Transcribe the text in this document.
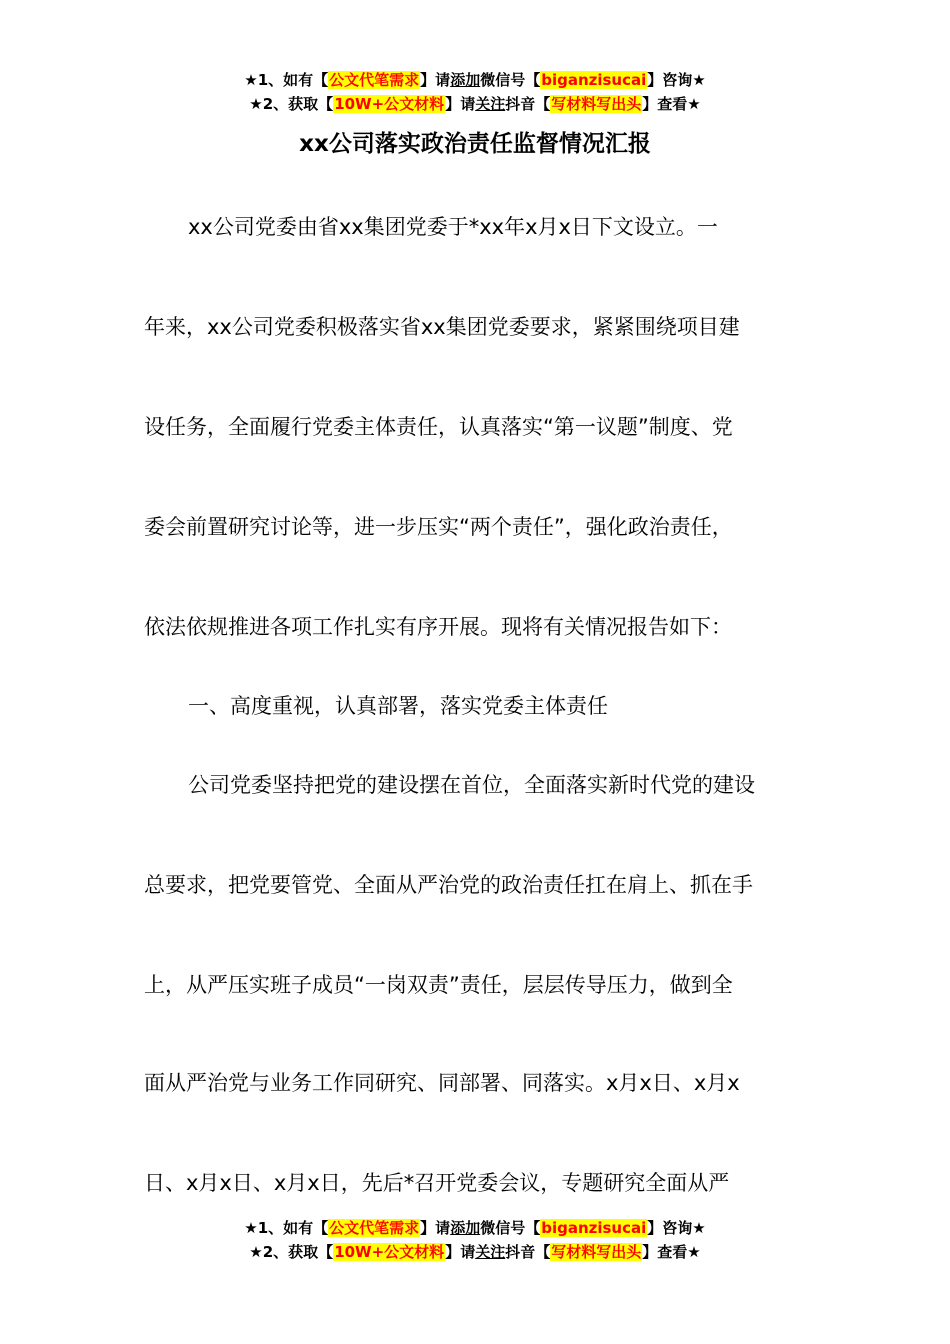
★1、如有【公文代笔需求】请添加微信号【biganzisucai】咨询★
★2、获取【10W+公文材料】请关注抖音【写材料写出头】查看★
xx公司落实政治责任监督情况汇报
xx公司党委由省xx集团党委于*xx年x月x日下文设立。一
年来，xx公司党委积极落实省xx集团党委要求，紧紧围绕项目建
设任务，全面履行党委主体责任，认真落实“第一议题”制度、党
委会前置研究讨论等，进一步压实“两个责任”，强化政治责任，
依法依规推进各项工作扎实有序开展。现将有关情况报告如下：
一、高度重视，认真部署，落实党委主体责任
公司党委坚持把党的建设摆在首位，全面落实新时代党的建设
总要求，把党要管党、全面从严治党的政治责任扛在肩上、抓在手
上，从严压实班子成员“一岗双责”责任，层层传导压力，做到全
面从严治党与业务工作同研究、同部署、同落实。x月x日、x月x
日、x月x日、x月x日，先后*召开党委会议，专题研究全面从严
★1、如有【公文代笔需求】请添加微信号【biganzisucai】咨询★
★2、获取【10W+公文材料】请关注抖音【写材料写出头】查看★
